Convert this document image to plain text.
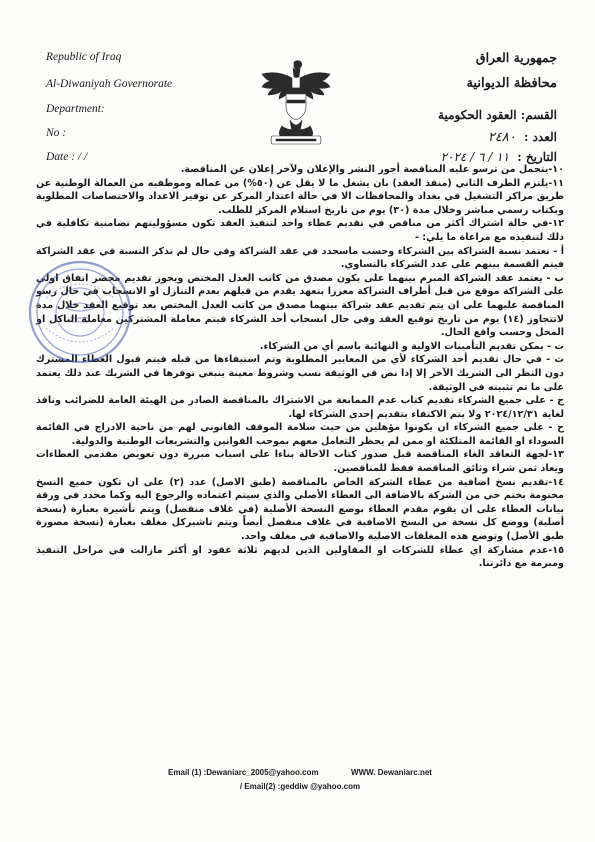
Republic of Iraq
Al-Diwaniyah Governorate
Department:
No :
Date : / /
جمهورية العراق
محافظة الديوانية
القسم: العقود الحكومية
العدد : ٢٤٨٠
التاريخ : ١١ / ٦ / ٢٠٢٤

١٠-يتحمل من ترسو عليه المناقصة أجور النشر والإعلان ولآخر إعلان عن المناقصة.

١١-يلتزم الطرف الثاني (منفذ العقد) بان يشغل ما لا يقل عن (٥٠%) من عماله وموظفيه من العمالة الوطنية عن طريق مراكز التشغيل في بغداد والمحافظات الا في حالة اعتذار المركز عن توفير الاعداد والاختصاصات المطلوبة وبكتاب رسمي مباشر وخلال مدة (٣٠) يوم من تاريخ استلام المركز للطلب.

١٢-في حالة اشتراك أكثر من مناقص في تقديم عطاء واحد لتنفيذ العقد تكون مسؤوليتهم تضامنية تكافلية في ذلك لتنفيذه مع مراعاة ما يلي: -

أ - تعتمد نسبة الشراكة بين الشركاء وحسب ماسحدد في عقد الشراكة وفي حال لم تذكر النسبة في عقد الشراكة فيتم القسمة بينهم على عدد الشركاء بالتساوي.

ب - يعتمد عقد الشراكة المبرم بينهما على يكون مصدق من كاتب العدل المختص ويجوز تقديم محضر اتفاق اولي على الشراكة موقع من قبل أطراف الشراكة معززا بتعهد يقدم من قبلهم بعدم التنازل او الانسحاب في حال رسو المناقصة عليهما على ان يتم تقديم عقد شراكة بينهما مصدق من كاتب العدل المختص بعد توقيع العقد خلال مدة لاتتجاوز (١٤) يوم من تاريخ توقيع العقد وفي حال انسحاب أحد الشركاء فيتم معاملة المشتركين معاملة الناكل او المخل وحسب واقع الحال.

ت - يمكن تقديم التأمينات الاولية و النهائية باسم أي من الشركاء.

ث - في حال تقديم أحد الشركاء لأي من المعايير المطلوبة وتم استيفاءها من قبله فيتم قبول العطاء المشترك دون النظر الى الشريك الآخر إلا إذا نص في الوثيقة نسب وشروط معينة ينبغي توفرها في الشريك عند ذلك يعتمد على ما تم تثبيته في الوثيقة.

ج - على جميع الشركاء تقديم كتاب عدم الممانعة من الاشتراك بالمناقصة الصادر من الهيئة العامة للضرائب ونافذ لغاية ٢٠٢٤/١٢/٣١ ولا يتم الاكتفاء بتقديم إحدى الشركاء لها.

ح - على جميع الشركاء ان يكونوا مؤهلين من حيث سلامة الموقف القانوني لهم من ناحية الادراج في القائمة السوداء او القائمة المتلكئة او ممن لم يحظر التعامل معهم بموجب القوانين والتشريعات الوطنية والدولية.

١٣-لجهة التعاقد الغاء المناقصة قبل صدور كتاب الاحالة بناءا على اسباب مبررة دون تعويض مقدمي العطاءات ويعاد ثمن شراء وثائق المناقصة فقط للمناقصين.

١٤-تقديم نسخ اضافية من عطاء الشركة الخاص بالمناقصة (طبق الاصل) عدد (٢) على ان تكون جميع النسخ مختومة بختم حي من الشركة بالاضافة الى العطاء الأصلي والذي سيتم اعتماده والرجوع اليه وكما محدد في ورقة بيانات العطاء على ان يقوم مقدم العطاء بوضع النسخة الأصلية (في غلاف منفصل) ويتم تأشيرة بعبارة (نسخة أصلية) ووضع كل نسخة من النسخ الاضافية في غلاف منفصل أيضاً ويتم تاشيركل مغلف بعبارة (نسخة مصورة طبق الأصل) وتوضع هذه المغلفات الاصلية والاضافية في مغلف واحد.

١٥-عدم مشاركة اي عطاء للشركات او المقاولين الذين لديهم ثلاثة عقود او أكثر مازالت في مراحل التنفيذ ومبرمة مع دائرتنا.

Email (1) :Dewaniarc_2005@yahoo.com	WWW. Dewaniarc.net
/ Email(2) :geddiw @yahoo.com
